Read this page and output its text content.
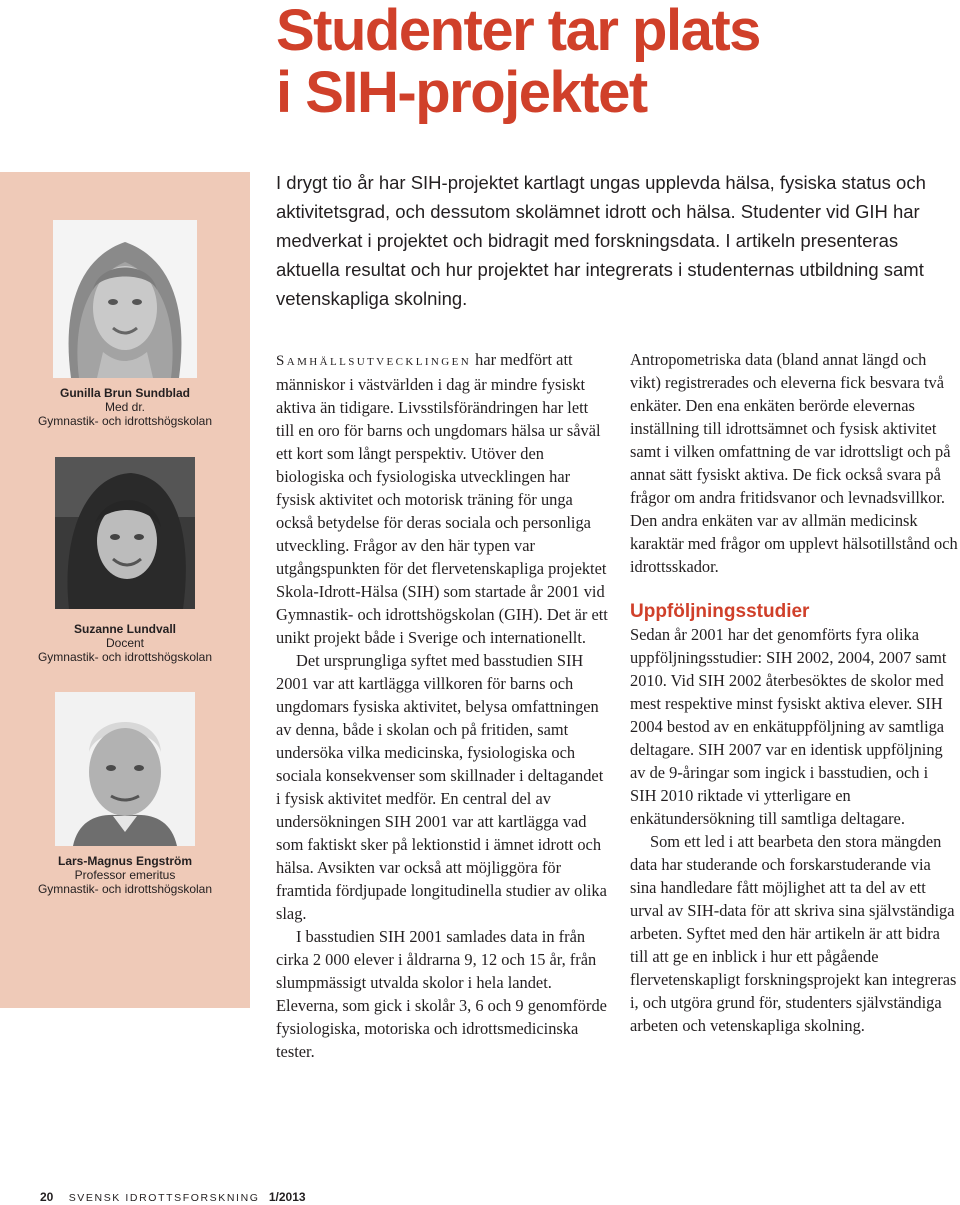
Studenter tar plats
i SIH-projektet
I drygt tio år har SIH-projektet kartlagt ungas upplevda hälsa, fysiska status och aktivitetsgrad, och dessutom skolämnet idrott och hälsa. Studenter vid GIH har medverkat i projektet och bidragit med forskningsdata. I artikeln presenteras aktuella resultat och hur projektet har integrerats i studenternas utbildning samt vetenskapliga skolning.
Gunilla Brun Sundblad
Med dr.
Gymnastik- och idrottshögskolan
Suzanne Lundvall
Docent
Gymnastik- och idrottshögskolan
Lars-Magnus Engström
Professor emeritus
Gymnastik- och idrottshögskolan

Samhällsutvecklingen har medfört att människor i västvärlden i dag är mindre fysiskt aktiva än tidigare. Livsstilsförändringen har lett till en oro för barns och ungdomars hälsa ur såväl ett kort som långt perspektiv. Utöver den biologiska och fysiologiska utvecklingen har fysisk aktivitet och motorisk träning för unga också betydelse för deras sociala och personliga utveckling. Frågor av den här typen var utgångspunkten för det flervetenskapliga projektet Skola-Idrott-Hälsa (SIH) som startade år 2001 vid Gymnastik- och idrottshögskolan (GIH). Det är ett unikt projekt både i Sverige och internationellt.

Det ursprungliga syftet med basstudien SIH 2001 var att kartlägga villkoren för barns och ungdomars fysiska aktivitet, belysa omfattningen av denna, både i skolan och på fritiden, samt undersöka vilka medicinska, fysiologiska och sociala konsekvenser som skillnader i deltagandet i fysisk aktivitet medför. En central del av undersökningen SIH 2001 var att kartlägga vad som faktiskt sker på lektionstid i ämnet idrott och hälsa. Avsikten var också att möjliggöra för framtida fördjupade longitudinella studier av olika slag.

I basstudien SIH 2001 samlades data in från cirka 2 000 elever i åldrarna 9, 12 och 15 år, från slumpmässigt utvalda skolor i hela landet. Eleverna, som gick i skolår 3, 6 och 9 genomförde fysiologiska, motoriska och idrottsmedicinska tester.

Antropometriska data (bland annat längd och vikt) registrerades och eleverna fick besvara två enkäter. Den ena enkäten berörde elevernas inställning till idrottsämnet och fysisk aktivitet samt i vilken omfattning de var idrottsligt och på annat sätt fysiskt aktiva. De fick också svara på frågor om andra fritidsvanor och levnadsvillkor. Den andra enkäten var av allmän medicinsk karaktär med frågor om upplevt hälsotillstånd och idrottsskador.

Uppföljningsstudier

Sedan år 2001 har det genomförts fyra olika uppföljningsstudier: SIH 2002, 2004, 2007 samt 2010. Vid SIH 2002 återbesöktes de skolor med mest respektive minst fysiskt aktiva elever. SIH 2004 bestod av en enkätuppföljning av samtliga deltagare. SIH 2007 var en identisk uppföljning av de 9-åringar som ingick i basstudien, och i SIH 2010 riktade vi ytterligare en enkätundersökning till samtliga deltagare.

Som ett led i att bearbeta den stora mängden data har studerande och forskarstuderande via sina handledare fått möjlighet att ta del av ett urval av SIH-data för att skriva sina självständiga arbeten. Syftet med den här artikeln är att bidra till att ge en inblick i hur ett pågående flervetenskapligt forskningsprojekt kan integreras i, och utgöra grund för, studenters självständiga arbeten och vetenskapliga skolning.

20 SVENSK IDROTTSFORSKNING 1/2013
